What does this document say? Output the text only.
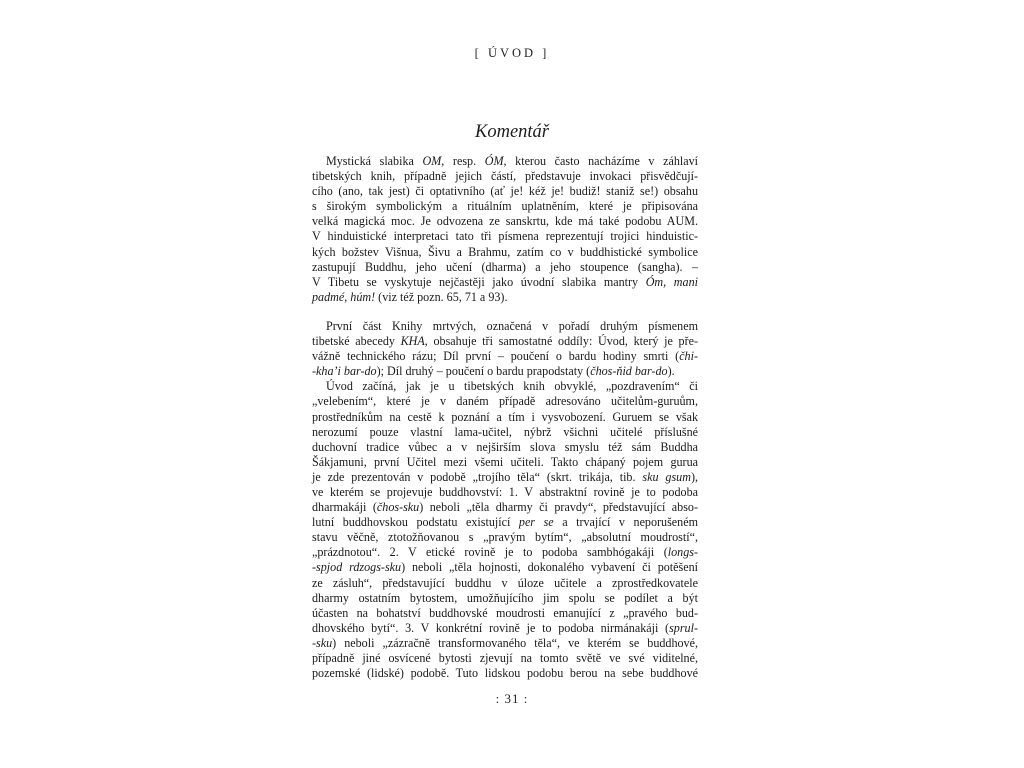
[ ÚVOD ]
Komentář
Mystická slabika OM, resp. ÓM, kterou často nacházíme v záhlaví
tibetských knih, případně jejich částí, představuje invokaci přisvědčují-
cího (ano, tak jest) či optativního (ať je! kéž je! budiž! staniž se!) obsahu
s širokým symbolickým a rituálním uplatněním, které je připisována
velká magická moc. Je odvozena ze sanskrtu, kde má také podobu AUM.
V hinduistické interpretaci tato tři písmena reprezentují trojici hinduistic-
kých božstev Višnua, Šivu a Brahmu, zatím co v buddhistické symbolice
zastupují Buddhu, jeho učení (dharma) a jeho stoupence (sangha). –
V Tibetu se vyskytuje nejčastěji jako úvodní slabika mantry Óm, mani
padmé, húm! (viz též pozn. 65, 71 a 93).
První část Knihy mrtvých, označená v pořadí druhým písmenem
tibetské abecedy KHA, obsahuje tři samostatné oddíly: Úvod, který je pře-
vážně technického rázu; Díl první – poučení o bardu hodiny smrti (čhi-
-kha’i bar-do); Díl druhý – poučení o bardu prapodstaty (čhos-ňid bar-do).
Úvod začíná, jak je u tibetských knih obvyklé, „pozdravením“ či
„velebením“, které je v daném případě adresováno učitelům-guruům,
prostředníkům na cestě k poznání a tím i vysvobození. Guruem se však
nerozumí pouze vlastní lama-učitel, nýbrž všichni učitelé příslušné
duchovní tradice vůbec a v nejširším slova smyslu též sám Buddha
Šákjamuni, první Učitel mezi všemi učiteli. Takto chápaný pojem gurua
je zde prezentován v podobě „trojího těla“ (skrt. trikája, tib. sku gsum),
ve kterém se projevuje buddhovství: 1. V abstraktní rovině je to podoba
dharmakáji (čhos-sku) neboli „těla dharmy či pravdy“, představující abso-
lutní buddhovskou podstatu existující per se a trvající v neporušeném
stavu věčně, ztotožňovanou s „pravým bytím“, „absolutní moudrostí“,
„prázdnotou“. 2. V etické rovině je to podoba sambhógakáji (longs-
-spjod rdzogs-sku) neboli „těla hojnosti, dokonalého vybavení či potěšení
ze zásluh“, představující buddhu v úloze učitele a zprostředkovatele
dharmy ostatním bytostem, umožňujícího jim spolu se podílet a být
účasten na bohatství buddhovské moudrosti emanující z „pravého bud-
dhovského bytí“. 3. V konkrétní rovině je to podoba nirmánakáji (sprul-
-sku) neboli „zázračně transformovaného těla“, ve kterém se buddhové,
případně jiné osvícené bytosti zjevují na tomto světě ve své viditelné,
pozemské (lidské) podobě. Tuto lidskou podobu berou na sebe buddhové
: 31 :
